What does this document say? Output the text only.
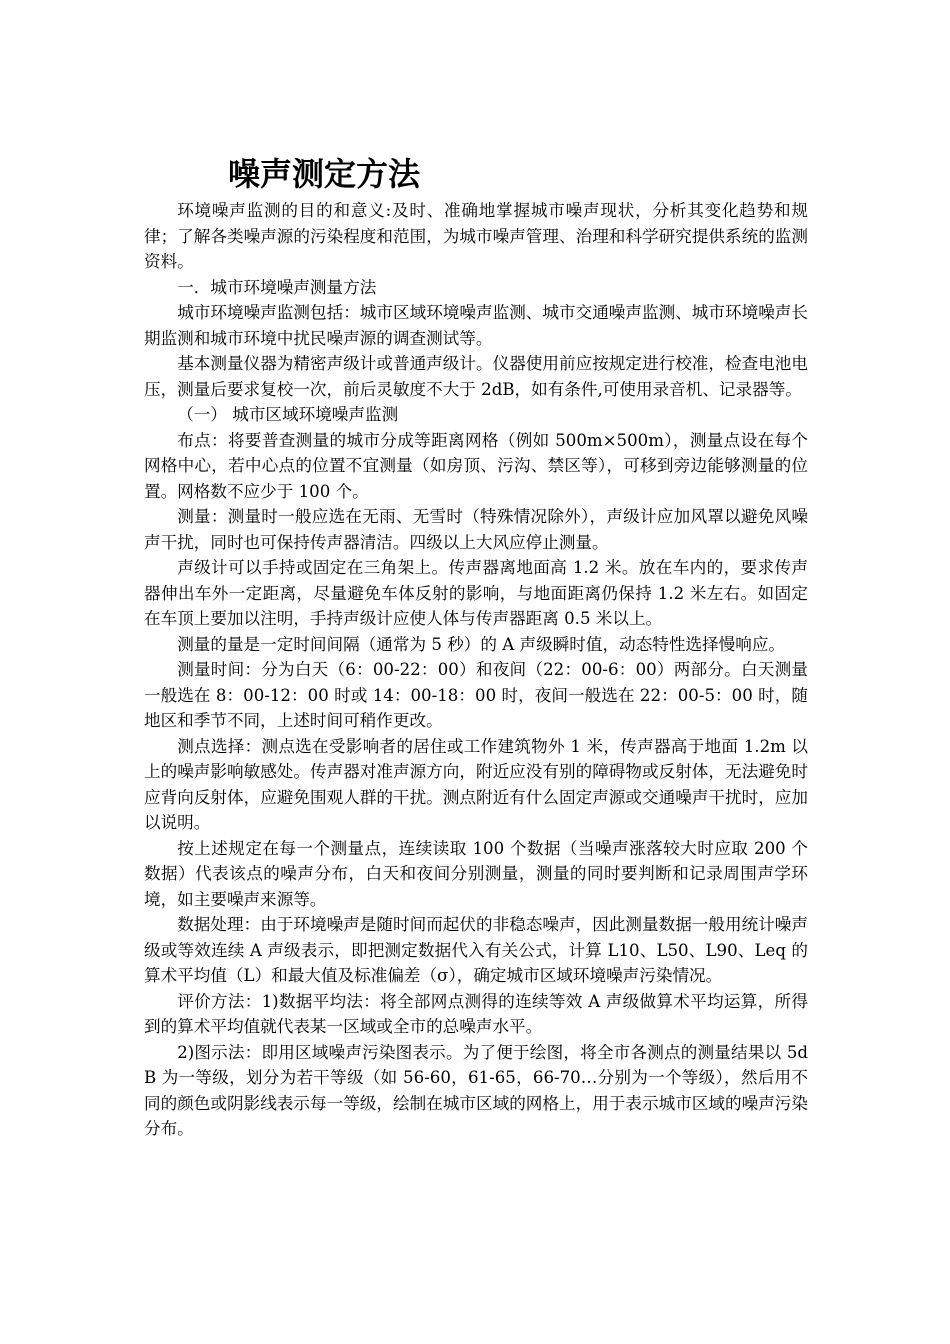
噪声测定方法

环境噪声监测的目的和意义:及时、准确地掌握城市噪声现状，分析其变化趋势和规律；了解各类噪声源的污染程度和范围，为城市噪声管理、治理和科学研究提供系统的监测资料。

一．城市环境噪声测量方法

城市环境噪声监测包括：城市区域环境噪声监测、城市交通噪声监测、城市环境噪声长期监测和城市环境中扰民噪声源的调查测试等。

基本测量仪器为精密声级计或普通声级计。仪器使用前应按规定进行校准，检查电池电压，测量后要求复校一次，前后灵敏度不大于 2dB，如有条件,可使用录音机、记录器等。

（一） 城市区域环境噪声监测

布点：将要普查测量的城市分成等距离网格（例如 500m×500m），测量点设在每个网格中心，若中心点的位置不宜测量（如房顶、污沟、禁区等），可移到旁边能够测量的位置。网格数不应少于 100 个。

测量：测量时一般应选在无雨、无雪时（特殊情况除外），声级计应加风罩以避免风噪声干扰，同时也可保持传声器清洁。四级以上大风应停止测量。

声级计可以手持或固定在三角架上。传声器离地面高 1.2 米。放在车内的，要求传声器伸出车外一定距离，尽量避免车体反射的影响，与地面距离仍保持 1.2 米左右。如固定在车顶上要加以注明，手持声级计应使人体与传声器距离 0.5 米以上。

测量的量是一定时间间隔（通常为 5 秒）的 A 声级瞬时值，动态特性选择慢响应。

测量时间：分为白天（6：00-22：00）和夜间（22：00-6：00）两部分。白天测量一般选在 8：00-12：00 时或 14：00-18：00 时，夜间一般选在 22：00-5：00 时，随地区和季节不同，上述时间可稍作更改。

测点选择：测点选在受影响者的居住或工作建筑物外 1 米，传声器高于地面 1.2m 以上的噪声影响敏感处。传声器对准声源方向，附近应没有别的障碍物或反射体，无法避免时应背向反射体，应避免围观人群的干扰。测点附近有什么固定声源或交通噪声干扰时，应加以说明。

按上述规定在每一个测量点，连续读取 100 个数据（当噪声涨落较大时应取 200 个数据）代表该点的噪声分布，白天和夜间分别测量，测量的同时要判断和记录周围声学环境，如主要噪声来源等。

数据处理：由于环境噪声是随时间而起伏的非稳态噪声，因此测量数据一般用统计噪声级或等效连续 A 声级表示，即把测定数据代入有关公式，计算 L10、L50、L90、Leq 的算术平均值（L）和最大值及标准偏差（σ），确定城市区域环境噪声污染情况。

评价方法：1)数据平均法：将全部网点测得的连续等效 A 声级做算术平均运算，所得到的算术平均值就代表某一区域或全市的总噪声水平。

2)图示法：即用区域噪声污染图表示。为了便于绘图，将全市各测点的测量结果以 5dB 为一等级，划分为若干等级（如 56-60，61-65，66-70…分别为一个等级），然后用不同的颜色或阴影线表示每一等级，绘制在城市区域的网格上，用于表示城市区域的噪声污染分布。
